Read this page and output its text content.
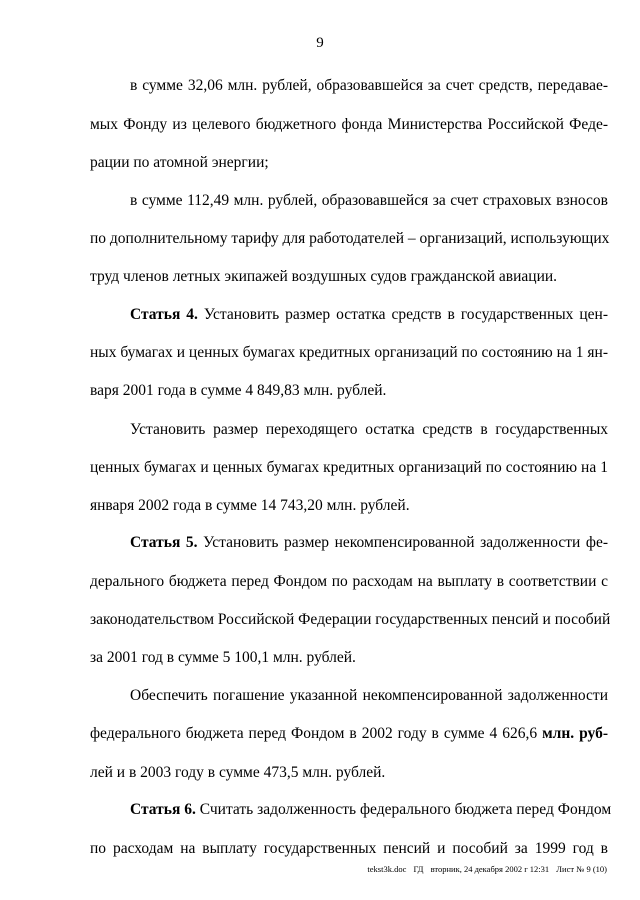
9
в сумме 32,06 млн. рублей, образовавшейся за счет средств, передавае-
мых Фонду из целевого бюджетного фонда Министерства Российской Феде-
рации по атомной энергии;
в сумме 112,49 млн. рублей, образовавшейся за счет страховых взносов
по дополнительному тарифу для работодателей – организаций, использующих
труд членов летных экипажей воздушных судов гражданской авиации.
Статья 4. Установить размер остатка средств в государственных цен-
ных бумагах и ценных бумагах кредитных организаций по состоянию на 1 ян-
варя 2001 года в сумме 4 849,83 млн. рублей.
Установить размер переходящего остатка средств в государственных
ценных бумагах и ценных бумагах кредитных организаций по состоянию на 1
января 2002 года в сумме 14 743,20 млн. рублей.
Статья 5. Установить размер некомпенсированной задолженности фе-
дерального бюджета перед Фондом по расходам на выплату в соответствии с
законодательством Российской Федерации государственных пенсий и пособий
за 2001 год в сумме 5 100,1 млн. рублей.
Обеспечить погашение указанной некомпенсированной задолженности
федерального бюджета перед Фондом в 2002 году в сумме 4 626,6 млн. руб-
лей и в 2003 году в сумме 473,5 млн. рублей.
Статья 6. Считать задолженность федерального бюджета перед Фондом
по расходам на выплату государственных пенсий и пособий за 1999 год в
tekst3k.doc ГД вторник, 24 декабря 2002 г 12:31 Лист № 9 (10)
